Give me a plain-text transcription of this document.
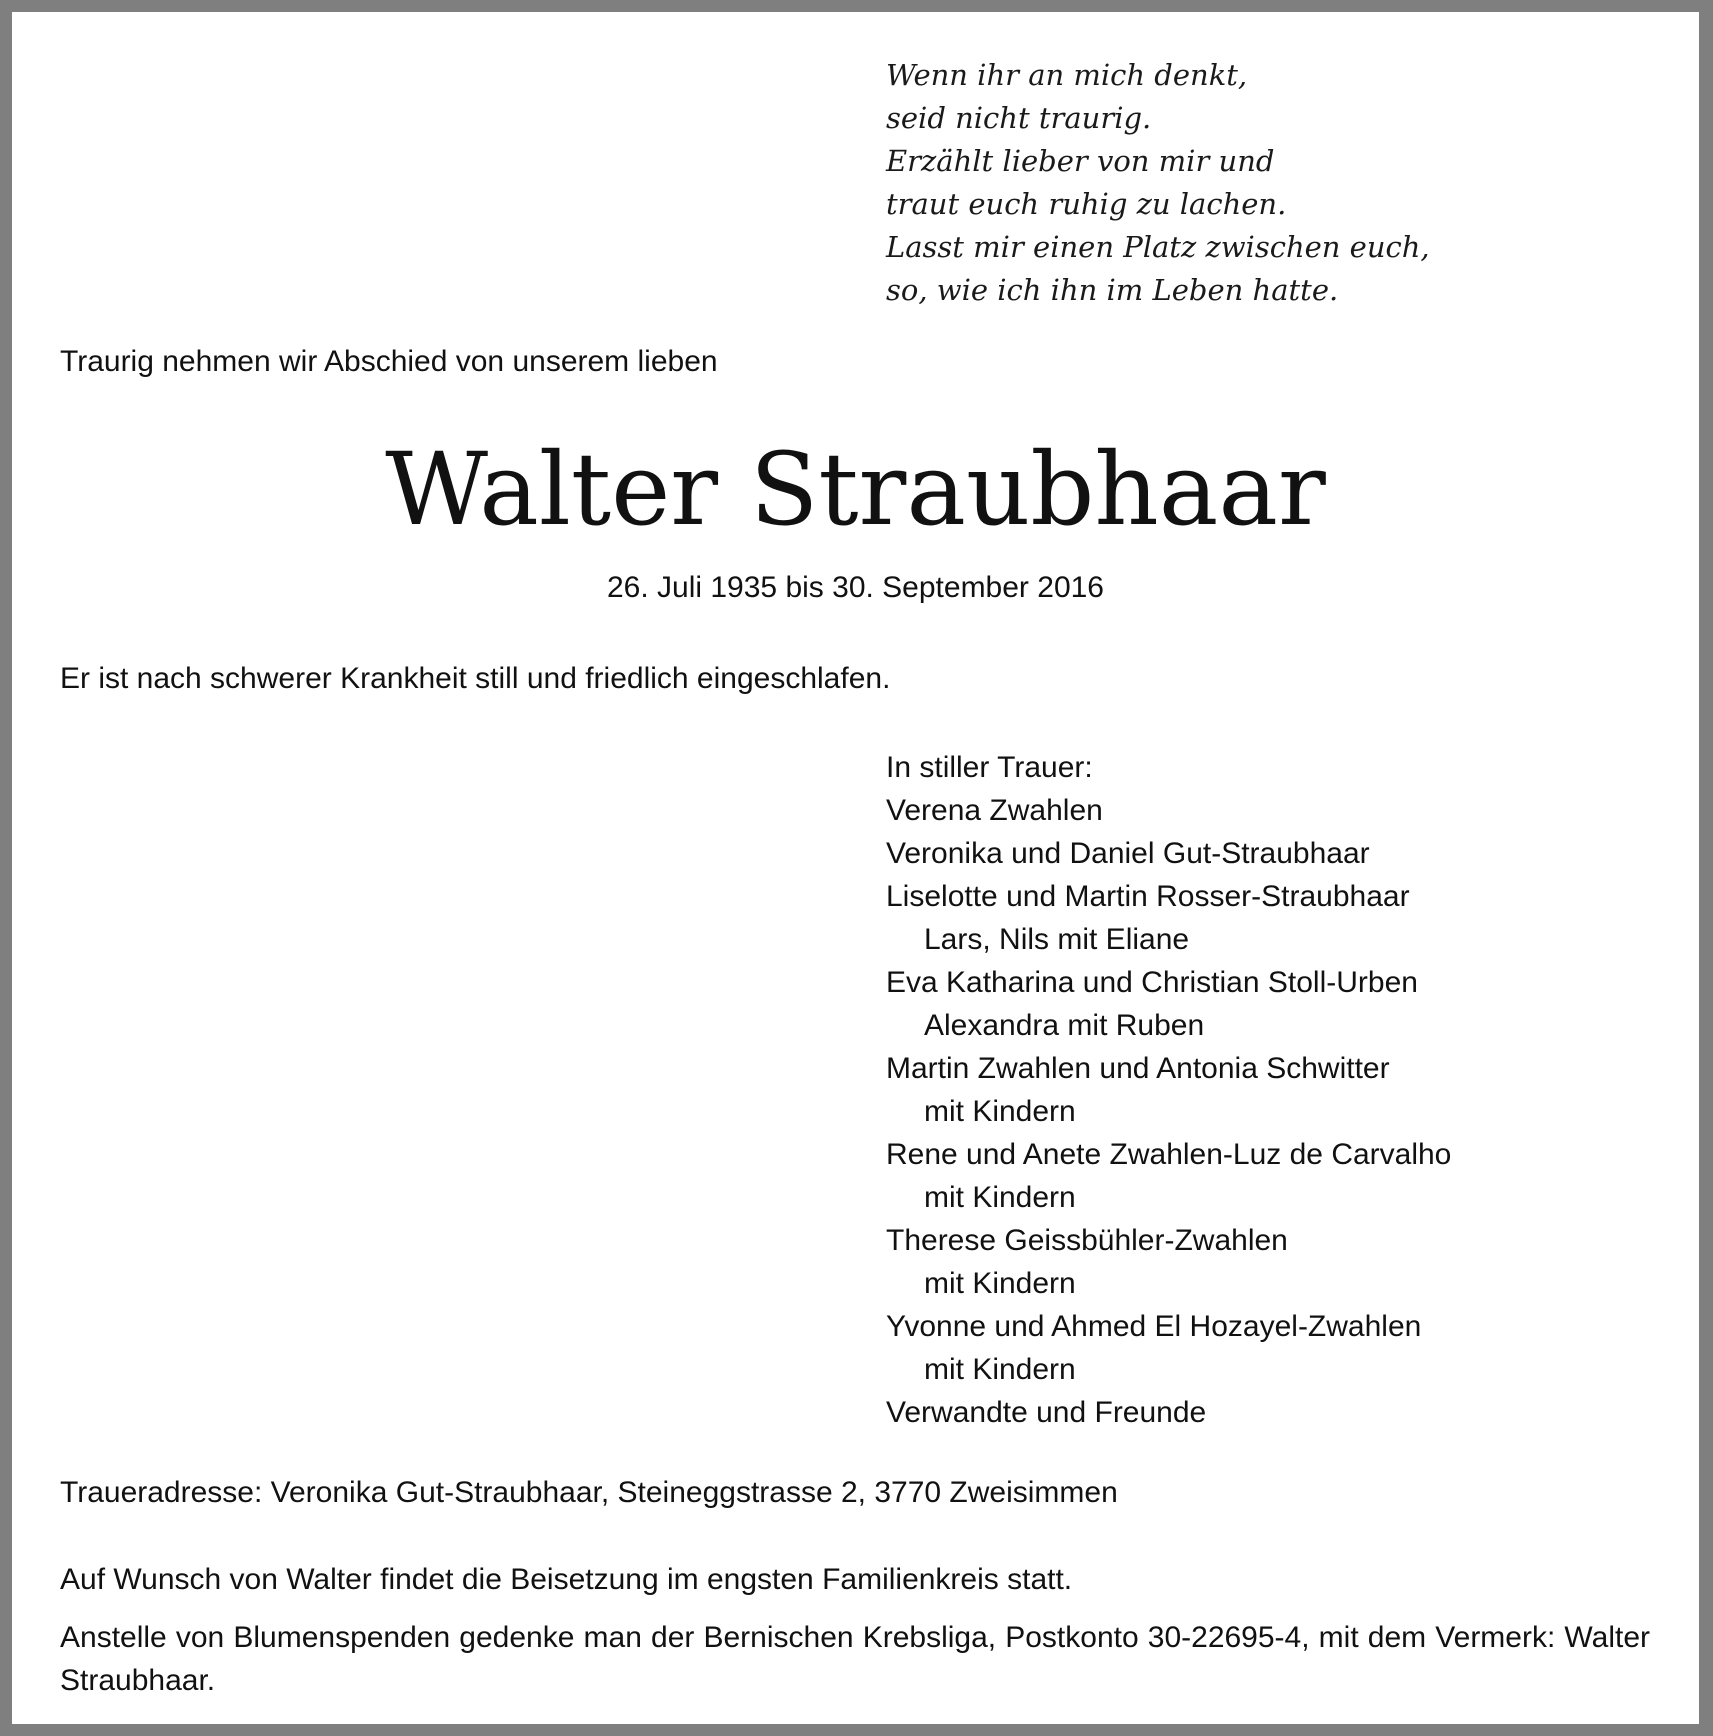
Wenn ihr an mich denkt,
seid nicht traurig.
Erzählt lieber von mir und
traut euch ruhig zu lachen.
Lasst mir einen Platz zwischen euch,
so, wie ich ihn im Leben hatte.
Traurig nehmen wir Abschied von unserem lieben
Walter Straubhaar
26. Juli 1935 bis 30. September 2016
Er ist nach schwerer Krankheit still und friedlich eingeschlafen.
In stiller Trauer:
Verena Zwahlen
Veronika und Daniel Gut-Straubhaar
Liselotte und Martin Rosser-Straubhaar
Lars, Nils mit Eliane
Eva Katharina und Christian Stoll-Urben
Alexandra mit Ruben
Martin Zwahlen und Antonia Schwitter
mit Kindern
Rene und Anete Zwahlen-Luz de Carvalho
mit Kindern
Therese Geissbühler-Zwahlen
mit Kindern
Yvonne und Ahmed El Hozayel-Zwahlen
mit Kindern
Verwandte und Freunde
Traueradresse: Veronika Gut-Straubhaar, Steineggstrasse 2, 3770 Zweisimmen
Auf Wunsch von Walter findet die Beisetzung im engsten Familienkreis statt.
Anstelle von Blumenspenden gedenke man der Bernischen Krebsliga, Postkonto 30-22695-4, mit dem Vermerk: Walter Straubhaar.
